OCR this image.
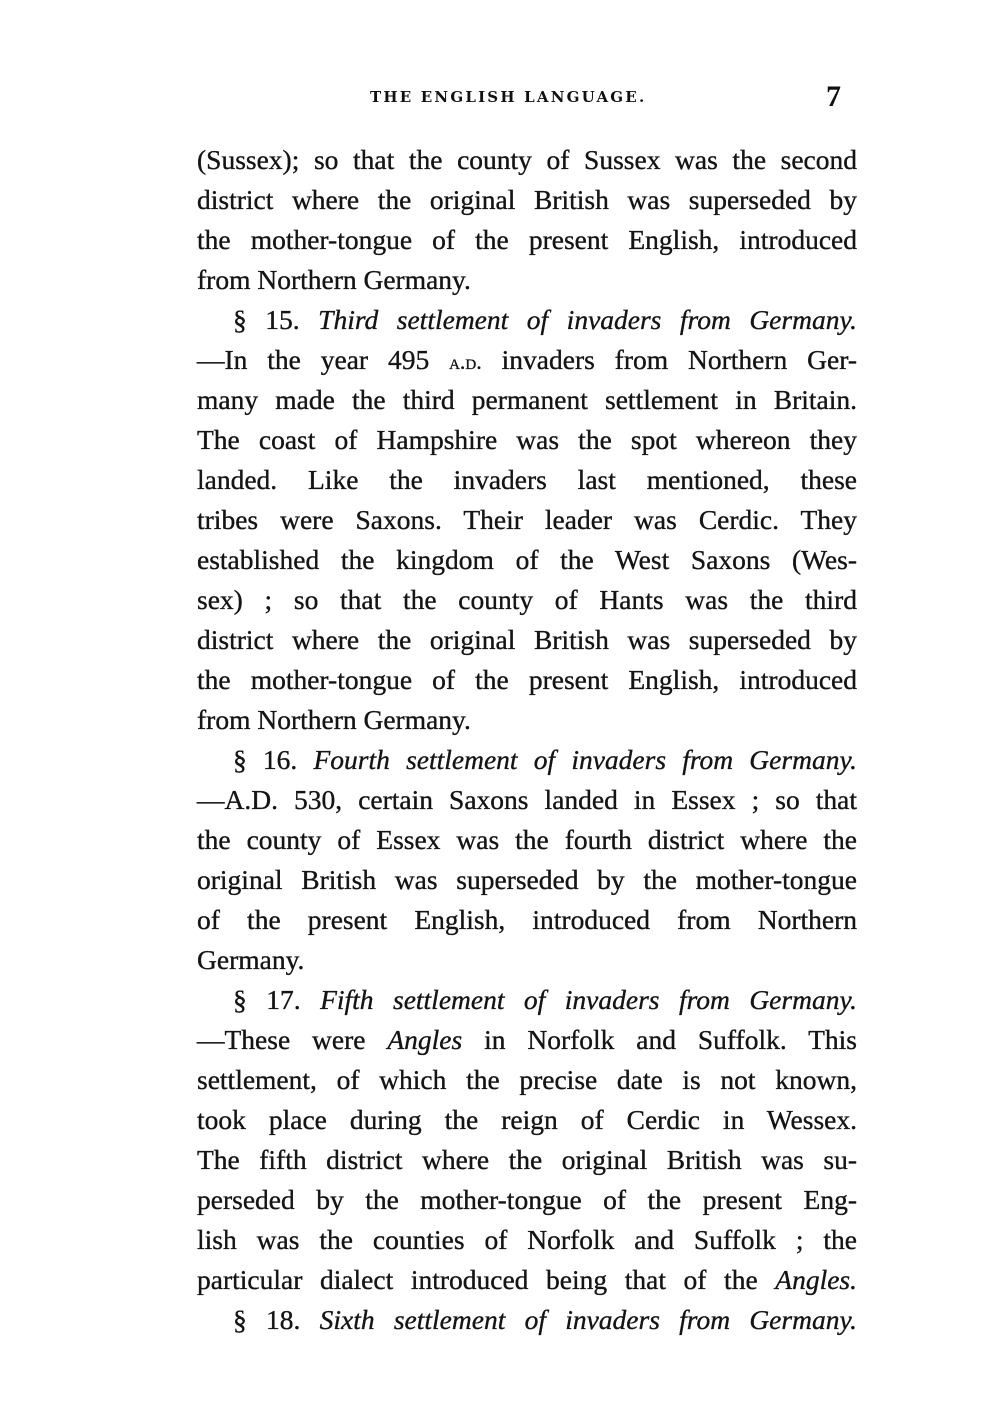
THE ENGLISH LANGUAGE.	7
(Sussex); so that the county of Sussex was the second
district where the original British was superseded by
the mother-tongue of the present English, introduced
from Northern Germany.
§ 15. Third settlement of invaders from Germany.
—In the year 495 a.d. invaders from Northern Ger-
many made the third permanent settlement in Britain.
The coast of Hampshire was the spot whereon they
landed. Like the invaders last mentioned, these
tribes were Saxons. Their leader was Cerdic. They
established the kingdom of the West Saxons (Wes-
sex) ; so that the county of Hants was the third
district where the original British was superseded by
the mother-tongue of the present English, introduced
from Northern Germany.
§ 16. Fourth settlement of invaders from Germany.
—A.D. 530, certain Saxons landed in Essex ; so that
the county of Essex was the fourth district where the
original British was superseded by the mother-tongue
of the present English, introduced from Northern
Germany.
§ 17. Fifth settlement of invaders from Germany.
—These were Angles in Norfolk and Suffolk. This
settlement, of which the precise date is not known,
took place during the reign of Cerdic in Wessex.
The fifth district where the original British was su-
perseded by the mother-tongue of the present Eng-
lish was the counties of Norfolk and Suffolk ; the
particular dialect introduced being that of the Angles.
§ 18. Sixth settlement of invaders from Germany.
